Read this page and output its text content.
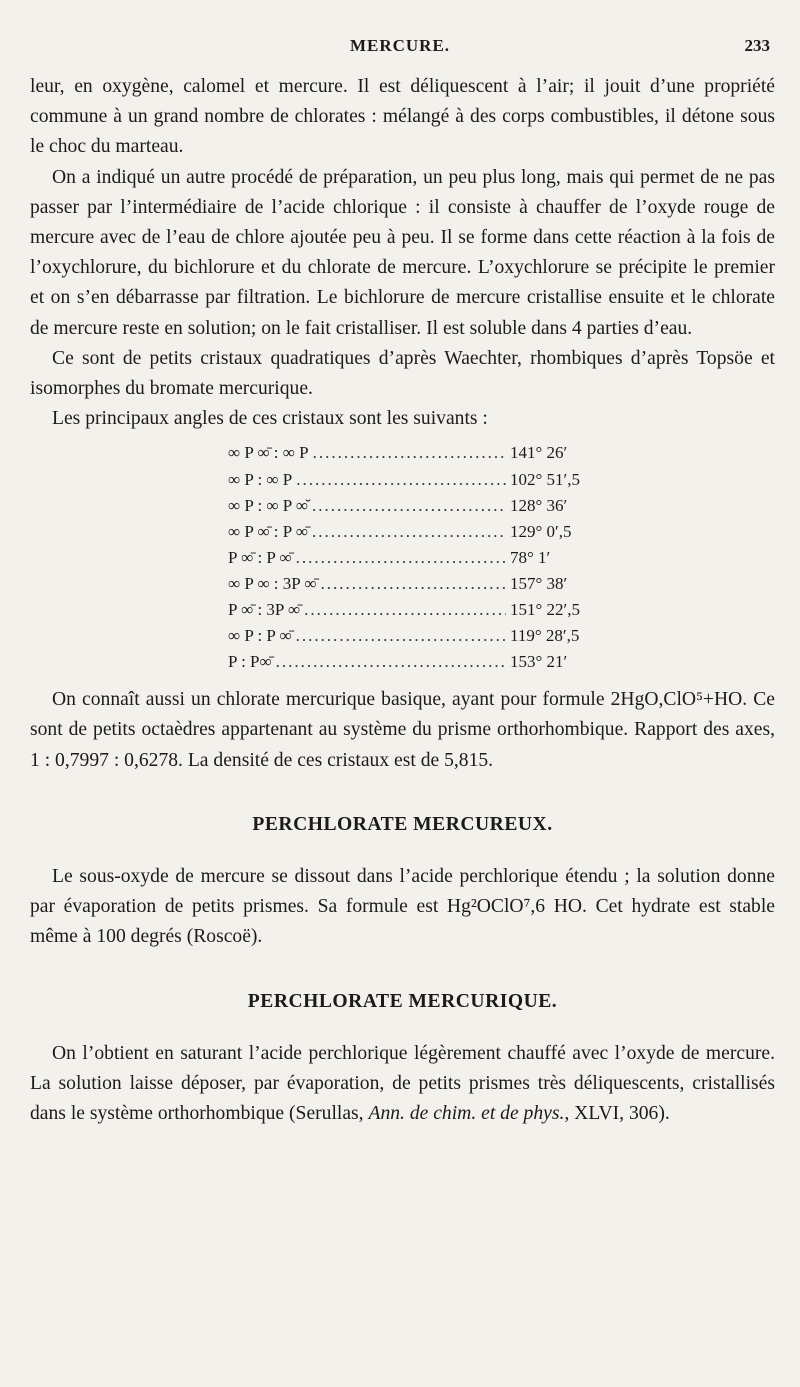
MERCURE.	233

leur, en oxygène, calomel et mercure. Il est déliquescent à l’air; il jouit d’une propriété commune à un grand nombre de chlorates : mélangé à des corps combustibles, il détone sous le choc du marteau.

On a indiqué un autre procédé de préparation, un peu plus long, mais qui permet de ne pas passer par l’intermédiaire de l’acide chlorique : il consiste à chauffer de l’oxyde rouge de mercure avec de l’eau de chlore ajoutée peu à peu. Il se forme dans cette réaction à la fois de l’oxychlorure, du bichlorure et du chlorate de mercure. L’oxychlorure se précipite le premier et on s’en débarrasse par filtration. Le bichlorure de mercure cristallise ensuite et le chlorate de mercure reste en solution; on le fait cristalliser. Il est soluble dans 4 parties d’eau.

Ce sont de petits cristaux quadratiques d’après Waechter, rhombiques d’après Topsöe et isomorphes du bromate mercurique.

Les principaux angles de ces cristaux sont les suivants :

∞ P ∞̄ : ∞ P .....	141° 26′
∞ P : ∞ P .....	102° 51′,5
∞ P : ∞ P ∞̆ .....	128° 36′
∞ P ∞̄ : P ∞̄ .....	129° 0′,5
P ∞̄ : P ∞̄ .....	78° 1′
∞ P ∞ : 3P ∞̄ .....	157° 38′
P ∞̄ : 3P ∞̄ .....	151° 22′,5
∞ P : P ∞̄ .....	119° 28′,5
P : P∞̄ .....	153° 21′

On connaît aussi un chlorate mercurique basique, ayant pour formule 2HgO,ClO⁵+HO. Ce sont de petits octaèdres appartenant au système du prisme orthorhombique. Rapport des axes, 1 : 0,7997 : 0,6278. La densité de ces cristaux est de 5,815.

PERCHLORATE MERCUREUX.

Le sous-oxyde de mercure se dissout dans l’acide perchlorique étendu ; la solution donne par évaporation de petits prismes. Sa formule est Hg²OClO⁷,6 HO. Cet hydrate est stable même à 100 degrés (Roscoë).

PERCHLORATE MERCURIQUE.

On l’obtient en saturant l’acide perchlorique légèrement chauffé avec l’oxyde de mercure. La solution laisse déposer, par évaporation, de petits prismes très déliquescents, cristallisés dans le système orthorhombique (Serullas, Ann. de chim. et de phys., XLVI, 306).
